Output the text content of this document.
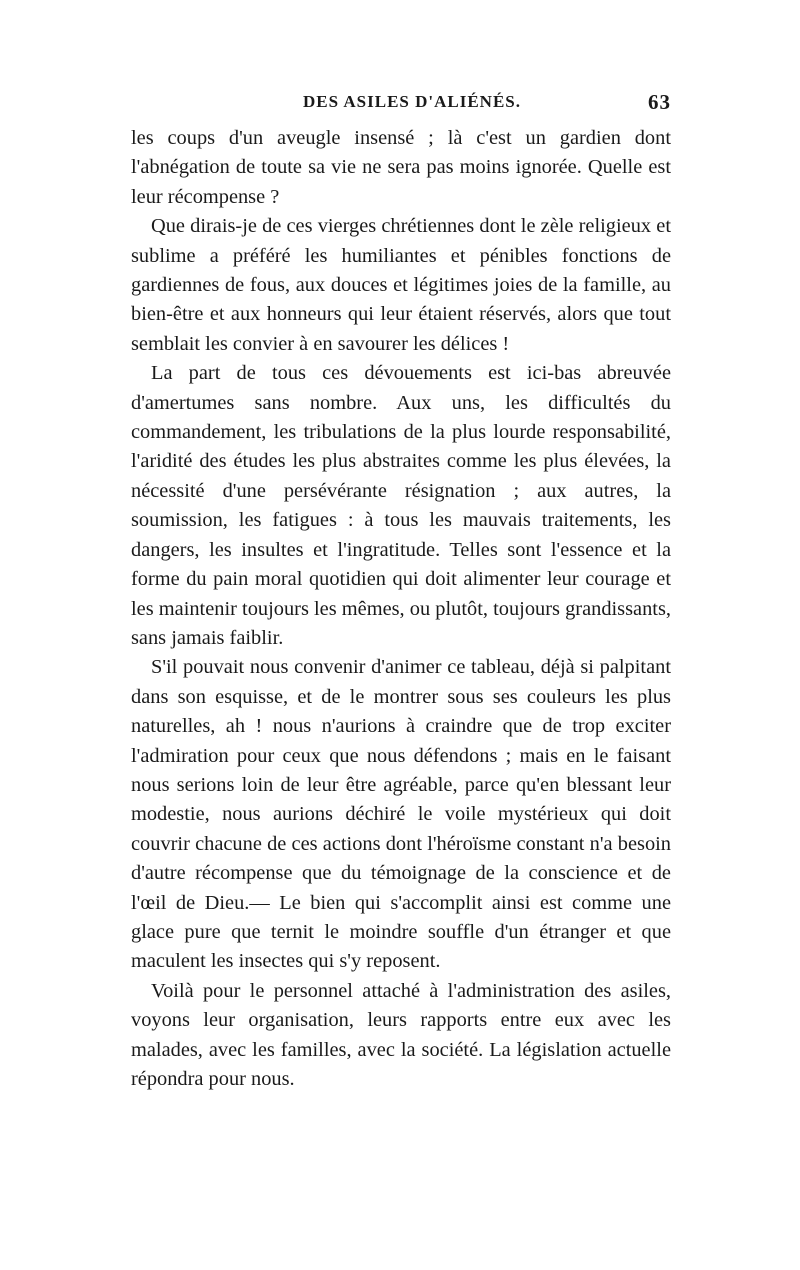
DES ASILES D'ALIÉNÉS.	63

les coups d'un aveugle insensé ; là c'est un gardien dont l'abnégation de toute sa vie ne sera pas moins ignorée. Quelle est leur récompense ?

Que dirais-je de ces vierges chrétiennes dont le zèle religieux et sublime a préféré les humiliantes et pénibles fonctions de gardiennes de fous, aux douces et légitimes joies de la famille, au bien-être et aux honneurs qui leur étaient réservés, alors que tout semblait les convier à en savourer les délices !

La part de tous ces dévouements est ici-bas abreuvée d'amertumes sans nombre. Aux uns, les difficultés du commandement, les tribulations de la plus lourde responsabilité, l'aridité des études les plus abstraites comme les plus élevées, la nécessité d'une persévérante résignation ; aux autres, la soumission, les fatigues : à tous les mauvais traitements, les dangers, les insultes et l'ingratitude. Telles sont l'essence et la forme du pain moral quotidien qui doit alimenter leur courage et les maintenir toujours les mêmes, ou plutôt, toujours grandissants, sans jamais faiblir.

S'il pouvait nous convenir d'animer ce tableau, déjà si palpitant dans son esquisse, et de le montrer sous ses couleurs les plus naturelles, ah ! nous n'aurions à craindre que de trop exciter l'admiration pour ceux que nous défendons ; mais en le faisant nous serions loin de leur être agréable, parce qu'en blessant leur modestie, nous aurions déchiré le voile mystérieux qui doit couvrir chacune de ces actions dont l'héroïsme constant n'a besoin d'autre récompense que du témoignage de la conscience et de l'œil de Dieu.— Le bien qui s'accomplit ainsi est comme une glace pure que ternit le moindre souffle d'un étranger et que maculent les insectes qui s'y reposent.

Voilà pour le personnel attaché à l'administration des asiles, voyons leur organisation, leurs rapports entre eux avec les malades, avec les familles, avec la société. La législation actuelle répondra pour nous.
